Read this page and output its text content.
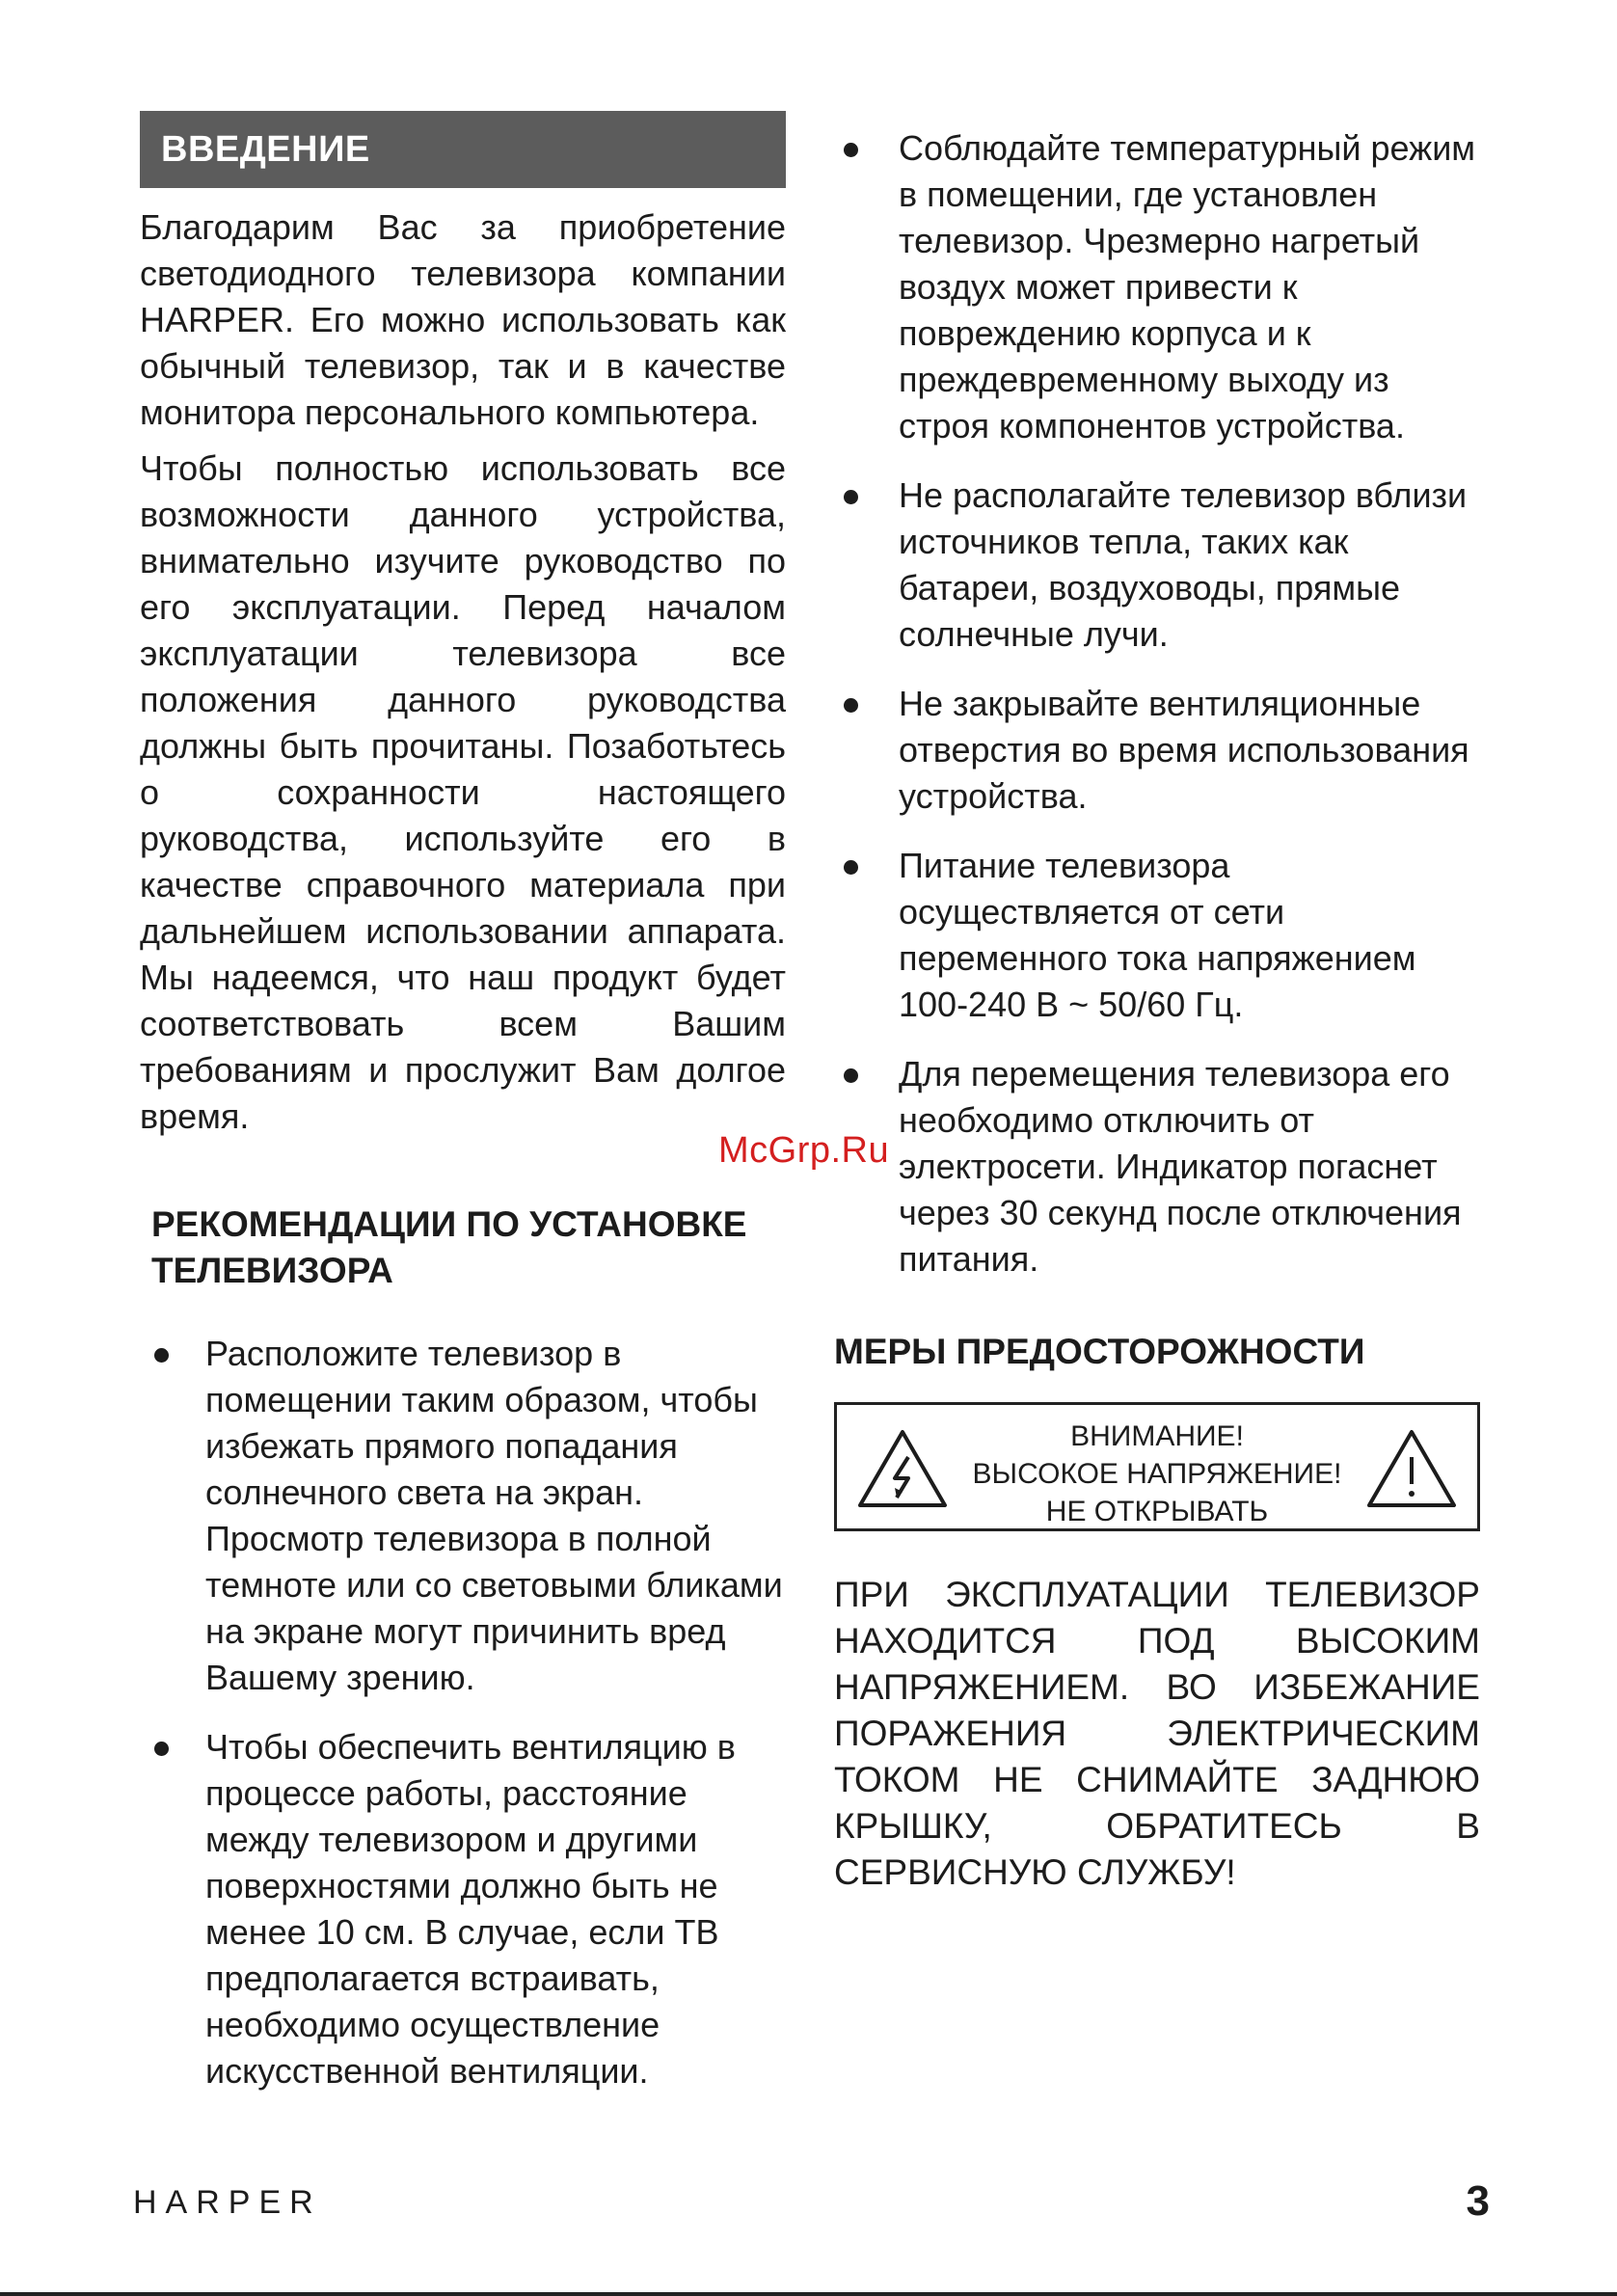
ВВЕДЕНИЕ

Благодарим Вас за приобретение светодиодного телевизора компании HARPER. Его можно использовать как обычный телевизор, так и в качестве монитора персонального компьютера.

Чтобы полностью использовать все возможности данного устройства, внимательно изучите руководство по его эксплуатации. Перед началом эксплуатации телевизора все положения данного руководства должны быть прочитаны. Позаботьтесь о сохранности настоящего руководства, используйте его в качестве справочного материала при дальнейшем использовании аппарата. Мы надеемся, что наш продукт будет соответствовать всем Вашим требованиям и прослужит Вам долгое время.

РЕКОМЕНДАЦИИ ПО УСТАНОВКЕ
ТЕЛЕВИЗОРА
Расположите телевизор в помещении таким образом, чтобы избежать прямого попадания солнечного света на экран. Просмотр телевизора в полной темноте или со световыми бликами на экране могут причинить вред Вашему зрению.
Чтобы обеспечить вентиляцию в процессе работы, расстояние между телевизором и другими поверхностями должно быть не менее 10 см. В случае, если ТВ предполагается встраивать, необходимо осуществление искусственной вентиляции.
Соблюдайте температурный режим в помещении, где установлен телевизор. Чрезмерно нагретый воздух может привести к повреждению корпуса и к преждевременному выходу из строя компонентов устройства.
Не располагайте телевизор вблизи источников тепла, таких как батареи, воздуховоды, прямые солнечные лучи.
Не закрывайте вентиляционные отверстия во время использования устройства.
Питание телевизора осуществляется от сети переменного тока напряжением 100-240 В ~ 50/60 Гц.
Для перемещения телевизора его необходимо отключить от электросети. Индикатор погаснет через 30 секунд после отключения питания.
МЕРЫ ПРЕДОСТОРОЖНОСТИ
ВНИМАНИЕ!
ВЫСОКОЕ НАПРЯЖЕНИЕ!
НЕ ОТКРЫВАТЬ

ПРИ ЭКСПЛУАТАЦИИ ТЕЛЕВИЗОР НАХОДИТСЯ ПОД ВЫСОКИМ НАПРЯЖЕНИЕМ. ВО ИЗБЕЖАНИЕ ПОРАЖЕНИЯ ЭЛЕКТРИЧЕСКИМ ТОКОМ НЕ СНИМАЙТЕ ЗАДНЮЮ КРЫШКУ, ОБРАТИТЕСЬ В СЕРВИСНУЮ СЛУЖБУ!

HARPER	3
McGrp.Ru
